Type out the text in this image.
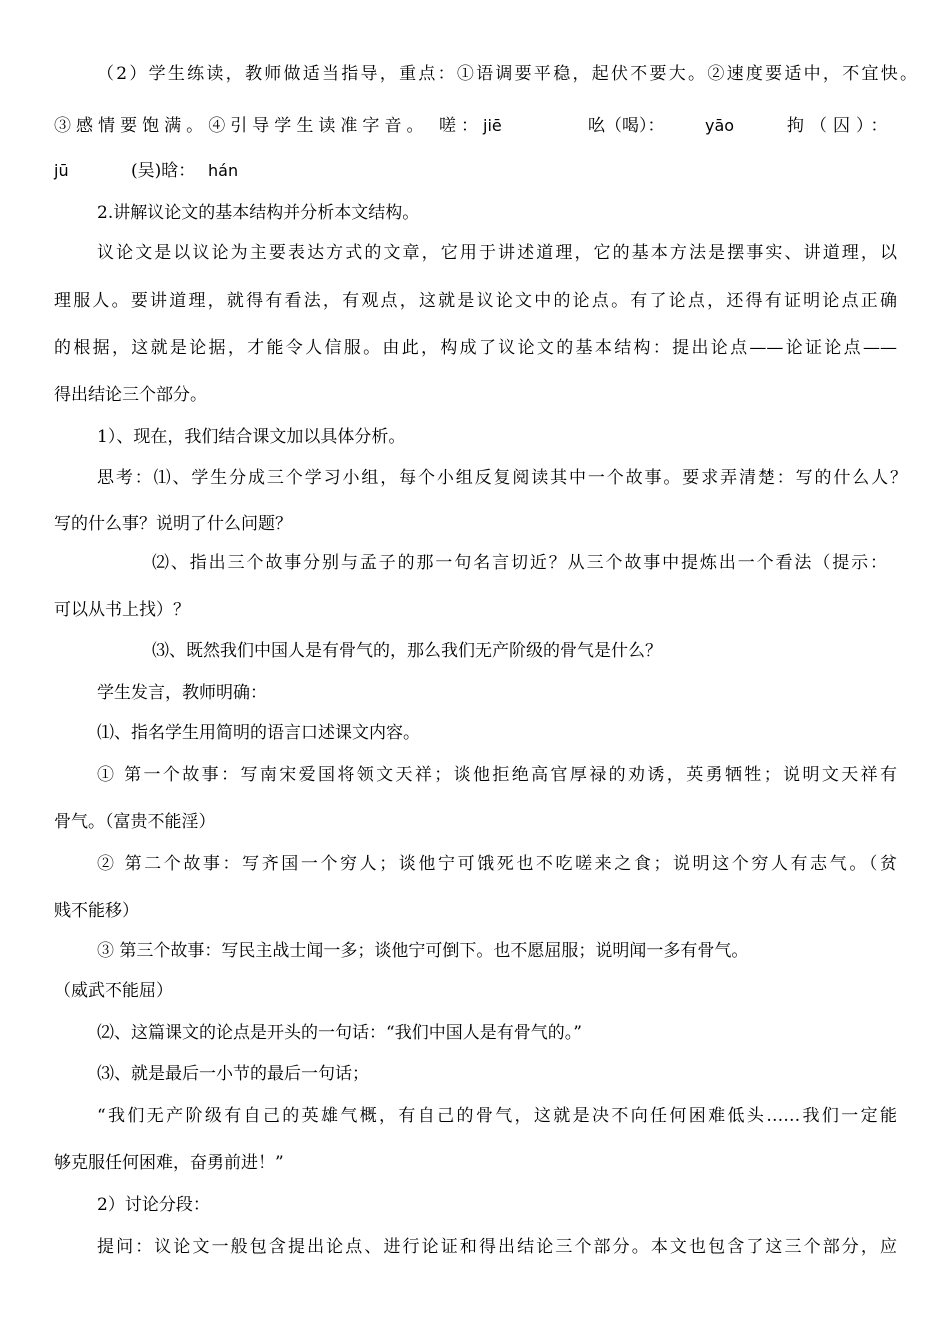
（2）学生练读，教师做适当指导，重点：①语调要平稳，起伏不要大。②速度要适中，不宜快。
③感情要饱满。④引导学生读准字音。 嗟： jiē	吆（喝）：	yāo	拘（囚）：
jū	(吴)晗： hán
2.讲解议论文的基本结构并分析本文结构。
议论文是以议论为主要表达方式的文章，它用于讲述道理，它的基本方法是摆事实、讲道理，以
理服人。要讲道理，就得有看法，有观点，这就是议论文中的论点。有了论点，还得有证明论点正确
的根据，这就是论据，才能令人信服。由此，构成了议论文的基本结构：提出论点——论证论点——
得出结论三个部分。
1）、现在，我们结合课文加以具体分析。
思考：⑴、学生分成三个学习小组，每个小组反复阅读其中一个故事。要求弄清楚：写的什么人？
写的什么事？说明了什么问题？
⑵、指出三个故事分别与孟子的那一句名言切近？从三个故事中提炼出一个看法（提示：
可以从书上找）？
⑶、既然我们中国人是有骨气的，那么我们无产阶级的骨气是什么？
学生发言，教师明确：
⑴、指名学生用简明的语言口述课文内容。
① 第一个故事：写南宋爱国将领文天祥；谈他拒绝高官厚禄的劝诱，英勇牺牲；说明文天祥有
骨气。（富贵不能淫）
② 第二个故事：写齐国一个穷人；谈他宁可饿死也不吃嗟来之食；说明这个穷人有志气。（贫
贱不能移）
③ 第三个故事：写民主战士闻一多；谈他宁可倒下。也不愿屈服；说明闻一多有骨气。
（威武不能屈）
⑵、这篇课文的论点是开头的一句话：“我们中国人是有骨气的。”
⑶、就是最后一小节的最后一句话；
“我们无产阶级有自己的英雄气概，有自己的骨气，这就是决不向任何困难低头……我们一定能
够克服任何困难，奋勇前进！”
2）讨论分段：
提问：议论文一般包含提出论点、进行论证和得出结论三个部分。本文也包含了这三个部分，应
